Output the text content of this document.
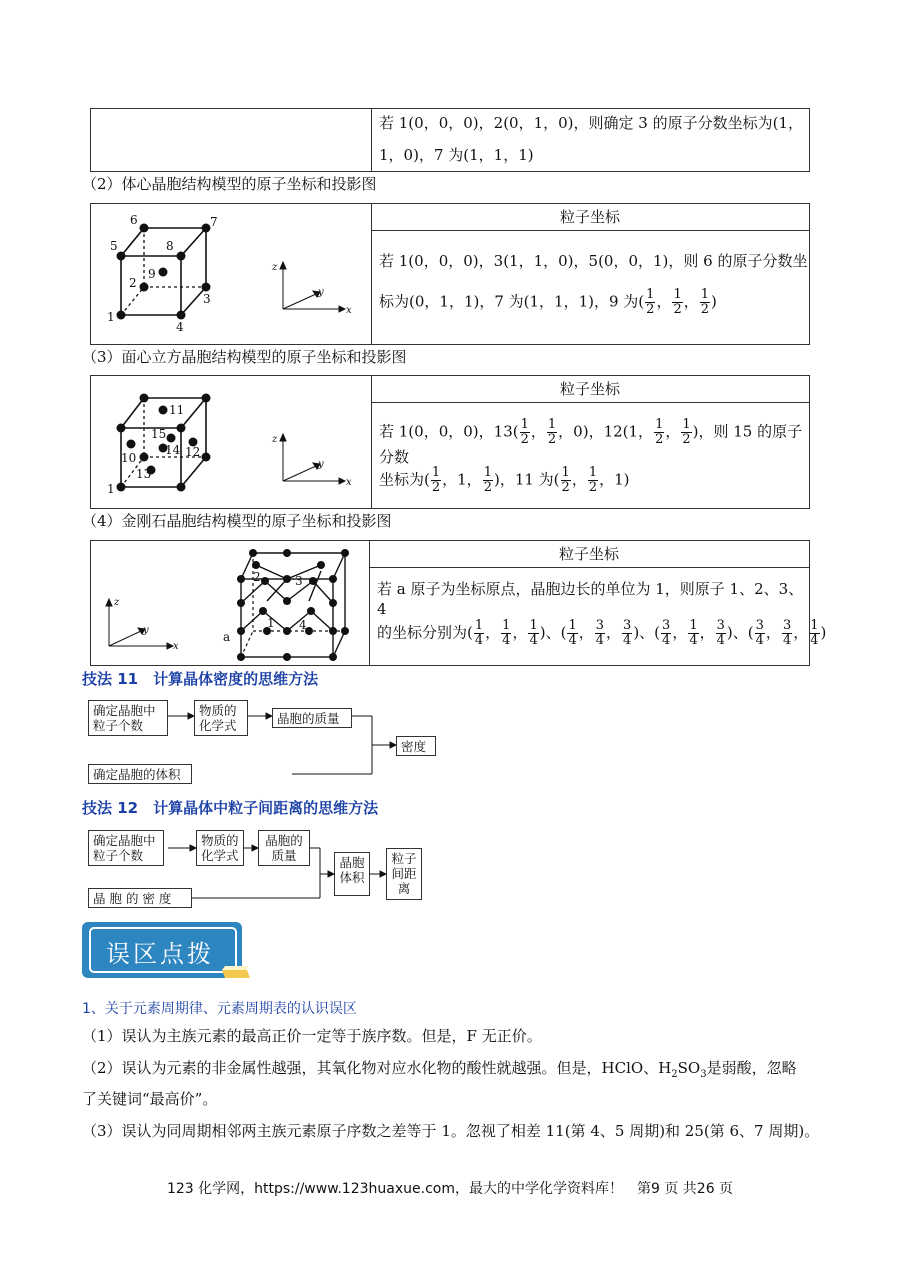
若 1(0，0，0)，2(0，1，0)，则确定 3 的原子分数坐标为(1，
1，0)，7 为(1，1，1)
（2）体心晶胞结构模型的原子坐标和投影图
6	7
5	8
9
2
3
1
4
z
y
x
粒子坐标
若 1(0，0，0)，3(1，1，0)，5(0，0，1)，则 6 的原子分数坐
标为(0，1，1)，7 为(1，1，1)，9 为( $\frac{1}{2}$ ， $\frac{1}{2}$ ， $\frac{1}{2}$ )
（3）面心立方晶胞结构模型的原子坐标和投影图
11
15
12
14
10
13
1
z
y
x
粒子坐标
若 1(0，0，0)，$13( \frac{1}{2}$ ， $\frac{1}{2}$ ，0)，12(1， $\frac{1}{2}$ ， $\frac{1}{2}$ )，则 15 的原子分数
坐标为( $\frac{1}{2}$ ，1， $\frac{1}{2}$ )，11 为( $\frac{1}{2}$ ， $\frac{1}{2}$ ，1)
（4）金刚石晶胞结构模型的原子坐标和投影图
z
y
x
2	3
1 4
a
粒子坐标
若 a 原子为坐标原点，晶胞边长的单位为 1，则原子 1、2、3、4
的坐标分别为( $\frac{1}{4}$ ， $\frac{1}{4}$ ， $\frac{1}{4}$ )、( $\frac{1}{4}$ ， $\frac{3}{4}$ ， $\frac{3}{4}$ )、( $\frac{3}{4}$ ， $\frac{1}{4}$ ， $\frac{3}{4}$ )、( $\frac{3}{4}$ ， $\frac{3}{4}$ ， $\frac{1}{4}$ )
技法 11　计算晶体密度的思维方法
确定晶胞中粒子个数
物质的化学式	晶胞的质量
密度
确定晶胞的体积
技法 12　计算晶体中粒子间距离的思维方法
确定晶胞中粒子个数
物质的化学式
晶胞的质量	晶胞体积
粒子间距离
晶 胞 的 密 度
误区点拨
1、关于元素周期律、元素周期表的认识误区
（1）误认为主族元素的最高正价一定等于族序数。但是，F 无正价。
（2）误认为元素的非金属性越强，其氧化物对应水化物的酸性就越强。但是，HClO、$H_2SO_3$是弱酸，忽略
了关键词“最高价”。
（3）误认为同周期相邻两主族元素原子序数之差等于 1。忽视了相差 11(第 4、5 周期)和 25(第 6、7 周期)。
123 化学网，https://www.123huaxue.com，最大的中学化学资料库！　第9 页 共26 页
